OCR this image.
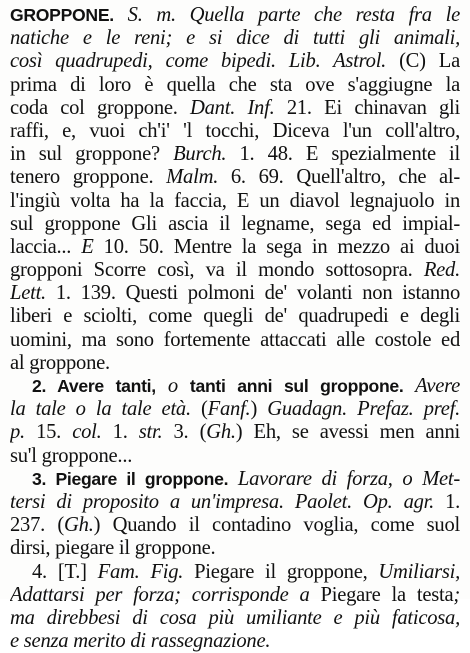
GROPPONE. S. m. Quella parte che resta fra le
natiche e le reni; e si dice di tutti gli animali,
così quadrupedi, come bipedi. Lib. Astrol. (C) La
prima di loro è quella che sta ove s'aggiugne la
coda col groppone. Dant. Inf. 21. Ei chinavan gli
raffi, e, vuoi ch'i' 'l tocchi, Diceva l'un coll'altro,
in sul groppone? Burch. 1. 48. E spezialmente il
tenero groppone. Malm. 6. 69. Quell'altro, che al-
l'ingiù volta ha la faccia, E un diavol legnajuolo in
sul groppone Gli ascia il legname, sega ed impial-
laccia... E 10. 50. Mentre la sega in mezzo ai duoi
gropponi Scorre così, va il mondo sottosopra. Red.
Lett. 1. 139. Questi polmoni de' volanti non istanno
liberi e sciolti, come quegli de' quadrupedi e degli
uomini, ma sono fortemente attaccati alle costole ed
al groppone.
2. Avere tanti, o tanti anni sul groppone. Avere
la tale o la tale età. (Fanf.) Guadagn. Prefaz. pref.
p. 15. col. 1. str. 3. (Gh.) Eh, se avessi men anni
su'l groppone...
3. Piegare il groppone. Lavorare di forza, o Met-
tersi di proposito a un'impresa. Paolet. Op. agr. 1.
237. (Gh.) Quando il contadino voglia, come suol
dirsi, piegare il groppone.
4. [T.] Fam. Fig. Piegare il groppone, Umiliarsi,
Adattarsi per forza; corrisponde a Piegare la testa;
ma direbbesi di cosa più umiliante e più faticosa,
e senza merito di rassegnazione.
